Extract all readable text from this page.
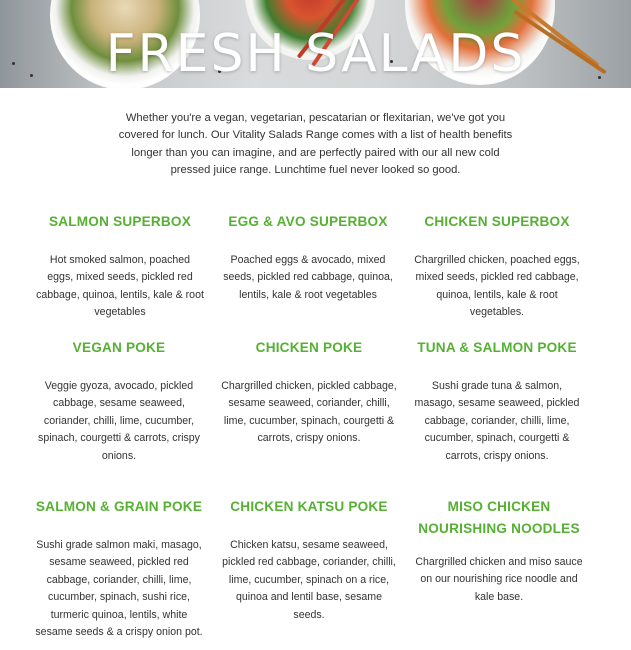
FRESH SALADS

Whether you're a vegan, vegetarian, pescatarian or flexitarian, we've got you covered for lunch. Our Vitality Salads Range comes with a list of health benefits longer than you can imagine, and are perfectly paired with our all new cold pressed juice range. Lunchtime fuel never looked so good.

SALMON SUPERBOX
Hot smoked salmon, poached eggs, mixed seeds, pickled red cabbage, quinoa, lentils, kale & root vegetables
EGG & AVO SUPERBOX
Poached eggs & avocado, mixed seeds, pickled red cabbage, quinoa, lentils, kale & root vegetables
CHICKEN SUPERBOX
Chargrilled chicken, poached eggs, mixed seeds, pickled red cabbage, quinoa, lentils, kale & root vegetables.
VEGAN POKE
Veggie gyoza, avocado, pickled cabbage, sesame seaweed, coriander, chilli, lime, cucumber, spinach, courgetti & carrots, crispy onions.
CHICKEN POKE
Chargrilled chicken, pickled cabbage, sesame seaweed, coriander, chilli, lime, cucumber, spinach, courgetti & carrots, crispy onions.
TUNA & SALMON POKE
Sushi grade tuna & salmon, masago, sesame seaweed, pickled cabbage, coriander, chilli, lime, cucumber, spinach, courgetti & carrots, crispy onions.
SALMON & GRAIN POKE
Sushi grade salmon maki, masago, sesame seaweed, pickled red cabbage, coriander, chilli, lime, cucumber, spinach, sushi rice, turmeric quinoa, lentils, white sesame seeds & a crispy onion pot.
CHICKEN KATSU POKE
Chicken katsu, sesame seaweed, pickled red cabbage, coriander, chilli, lime, cucumber, spinach on a rice, quinoa and lentil base, sesame seeds.
MISO CHICKEN NOURISHING NOODLES
Chargrilled chicken and miso sauce on our nourishing rice noodle and kale base.
